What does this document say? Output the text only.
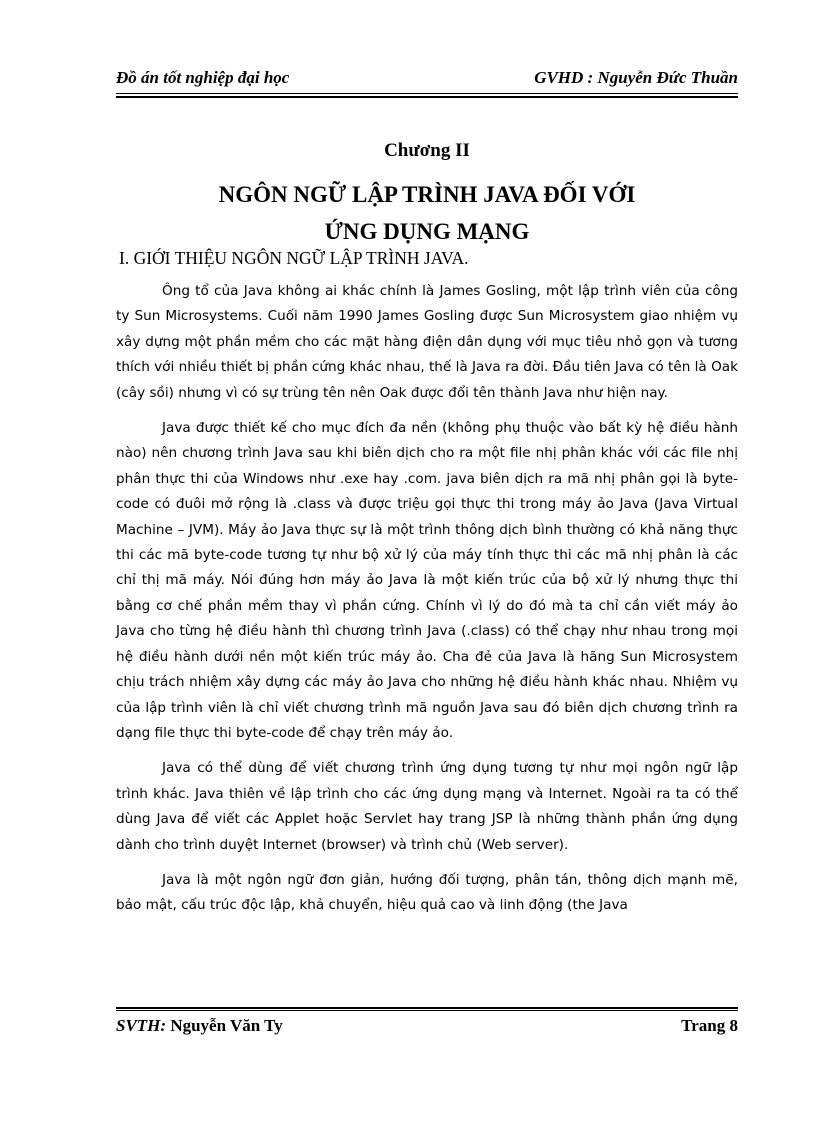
Đồ án tốt nghiệp đại học	GVHD : Nguyễn Đức Thuần
Chương II
NGÔN NGỮ LẬP TRÌNH JAVA ĐỐI VỚI
ỨNG DỤNG MẠNG
I. GIỚI THIỆU NGÔN NGỮ LẬP TRÌNH JAVA.

Ông tổ của Java không ai khác chính là James Gosling, một lập trình viên của công ty Sun Microsystems. Cuối năm 1990 James Gosling được Sun Microsystem giao nhiệm vụ xây dựng một phần mềm cho các mặt hàng điện dân dụng với mục tiêu nhỏ gọn và tương thích với nhiều thiết bị phần cứng khác nhau, thế là Java ra đời. Đầu tiên Java có tên là Oak (cây sồi) nhưng vì có sự trùng tên nên Oak được đổi tên thành Java như hiện nay.

Java được thiết kế cho mục đích đa nền (không phụ thuộc vào bất kỳ hệ điều hành nào) nên chương trình Java sau khi biên dịch cho ra một file nhị phân khác với các file nhị phân thực thi của Windows như .exe hay .com. java biên dịch ra mã nhị phân gọi là byte-code có đuôi mở rộng là .class và được triệu gọi thực thi trong máy ảo Java (Java Virtual Machine – JVM). Máy ảo Java thực sự là một trình thông dịch bình thường có khả năng thực thi các mã byte-code tương tự như bộ xử lý của máy tính thực thi các mã nhị phân là các chỉ thị mã máy. Nói đúng hơn máy ảo Java là một kiến trúc của bộ xử lý nhưng thực thi bằng cơ chế phần mềm thay vì phần cứng. Chính vì lý do đó mà ta chỉ cần viết máy ảo Java cho từng hệ điều hành thì chương trình Java (.class) có thể chạy như nhau trong mọi hệ điều hành dưới nền một kiến trúc máy ảo. Cha đẻ của Java là hãng Sun Microsystem chịu trách nhiệm xây dựng các máy ảo Java cho những hệ điều hành khác nhau. Nhiệm vụ của lập trình viên là chỉ viết chương trình mã nguồn Java sau đó biên dịch chương trình ra dạng file thực thi byte-code để chạy trên máy ảo.

Java có thể dùng để viết chương trình ứng dụng tương tự như mọi ngôn ngữ lập trình khác. Java thiên về lập trình cho các ứng dụng mạng và Internet. Ngoài ra ta có thể dùng Java để viết các Applet hoặc Servlet hay trang JSP là những thành phần ứng dụng dành cho trình duyệt Internet (browser) và trình chủ (Web server).

Java là một ngôn ngữ đơn giản, hướng đối tượng, phân tán, thông dịch mạnh mẽ, bảo mật, cấu trúc độc lập, khả chuyển, hiệu quả cao và linh động (the Java

SVTH: Nguyễn Văn Ty	Trang 8
